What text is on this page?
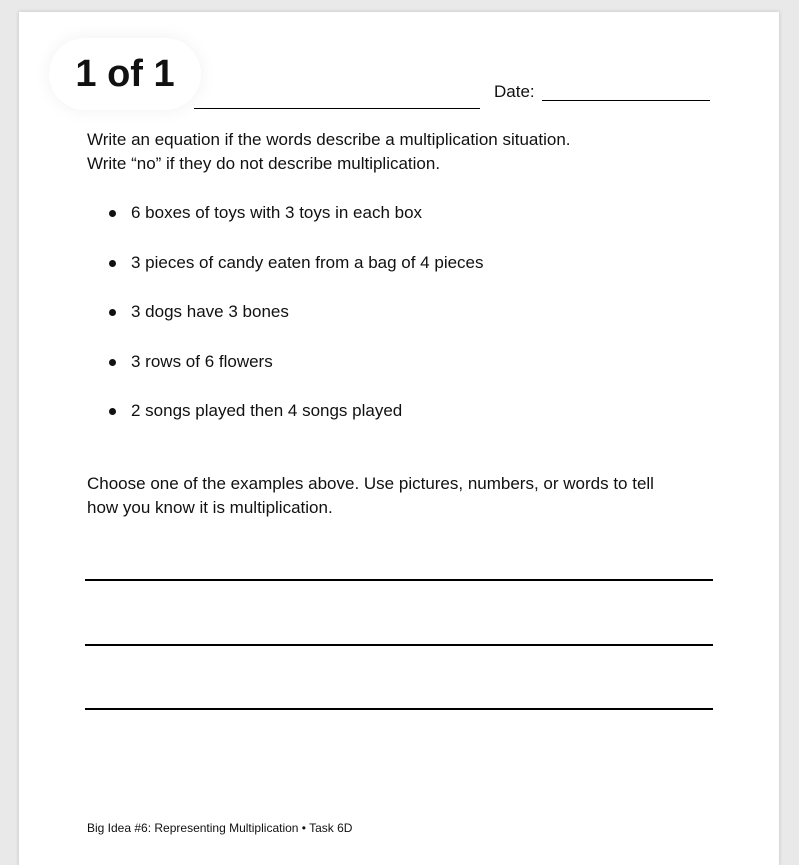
1 of 1	Date:
Write an equation if the words describe a multiplication situation.
Write “no” if they do not describe multiplication.
6 boxes of toys with 3 toys in each box
3 pieces of candy eaten from a bag of 4 pieces
3 dogs have 3 bones
3 rows of 6 flowers
2 songs played then 4 songs played
Choose one of the examples above. Use pictures, numbers, or words to tell
how you know it is multiplication.
Big Idea #6: Representing Multiplication • Task 6D
